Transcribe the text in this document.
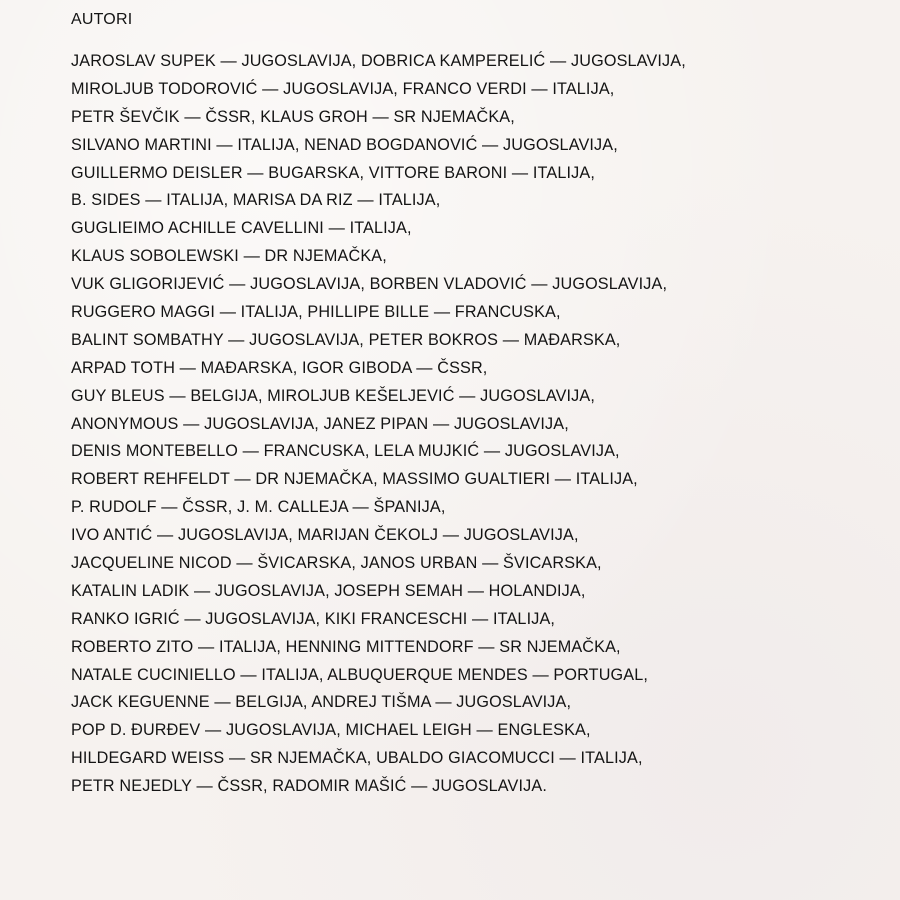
AUTORI
JAROSLAV SUPEK — JUGOSLAVIJA, DOBRICA KAMPERELIĆ — JUGOSLAVIJA,
MIROLJUB TODOROVIĆ — JUGOSLAVIJA, FRANCO VERDI — ITALIJA,
PETR ŠEVČIK — ČSSR, KLAUS GROH — SR NJEMAČKA,
SILVANO MARTINI — ITALIJA, NENAD BOGDANOVIĆ — JUGOSLAVIJA,
GUILLERMO DEISLER — BUGARSKA, VITTORE BARONI — ITALIJA,
B. SIDES — ITALIJA, MARISA DA RIZ — ITALIJA,
GUGLIEIMO ACHILLE CAVELLINI — ITALIJA,
KLAUS SOBOLEWSKI — DR NJEMAČKA,
VUK GLIGORIJEVIĆ — JUGOSLAVIJA, BORBEN VLADOVIĆ — JUGOSLAVIJA,
RUGGERO MAGGI — ITALIJA, PHILLIPE BILLE — FRANCUSKA,
BALINT SOMBATHY — JUGOSLAVIJA, PETER BOKROS — MAĐARSKA,
ARPAD TOTH — MAĐARSKA, IGOR GIBODA — ČSSR,
GUY BLEUS — BELGIJA, MIROLJUB KEŠELJEVIĆ — JUGOSLAVIJA,
ANONYMOUS — JUGOSLAVIJA, JANEZ PIPAN — JUGOSLAVIJA,
DENIS MONTEBELLO — FRANCUSKA, LELA MUJKIĆ — JUGOSLAVIJA,
ROBERT REHFELDT — DR NJEMAČKA, MASSIMO GUALTIERI — ITALIJA,
P. RUDOLF — ČSSR, J. M. CALLEJA — ŠPANIJA,
IVO ANTIĆ — JUGOSLAVIJA, MARIJAN ČEKOLJ — JUGOSLAVIJA,
JACQUELINE NICOD — ŠVICARSKA, JANOS URBAN — ŠVICARSKA,
KATALIN LADIK — JUGOSLAVIJA, JOSEPH SEMAH — HOLANDIJA,
RANKO IGRIĆ — JUGOSLAVIJA, KIKI FRANCESCHI — ITALIJA,
ROBERTO ZITO — ITALIJA, HENNING MITTENDORF — SR NJEMAČKA,
NATALE CUCINIELLO — ITALIJA, ALBUQUERQUE MENDES — PORTUGAL,
JACK KEGUENNE — BELGIJA, ANDREJ TIŠMA — JUGOSLAVIJA,
POP D. ĐURĐEV — JUGOSLAVIJA, MICHAEL LEIGH — ENGLESKA,
HILDEGARD WEISS — SR NJEMAČKA, UBALDO GIACOMUCCI — ITALIJA,
PETR NEJEDLY — ČSSR, RADOMIR MAŠIĆ — JUGOSLAVIJA.
